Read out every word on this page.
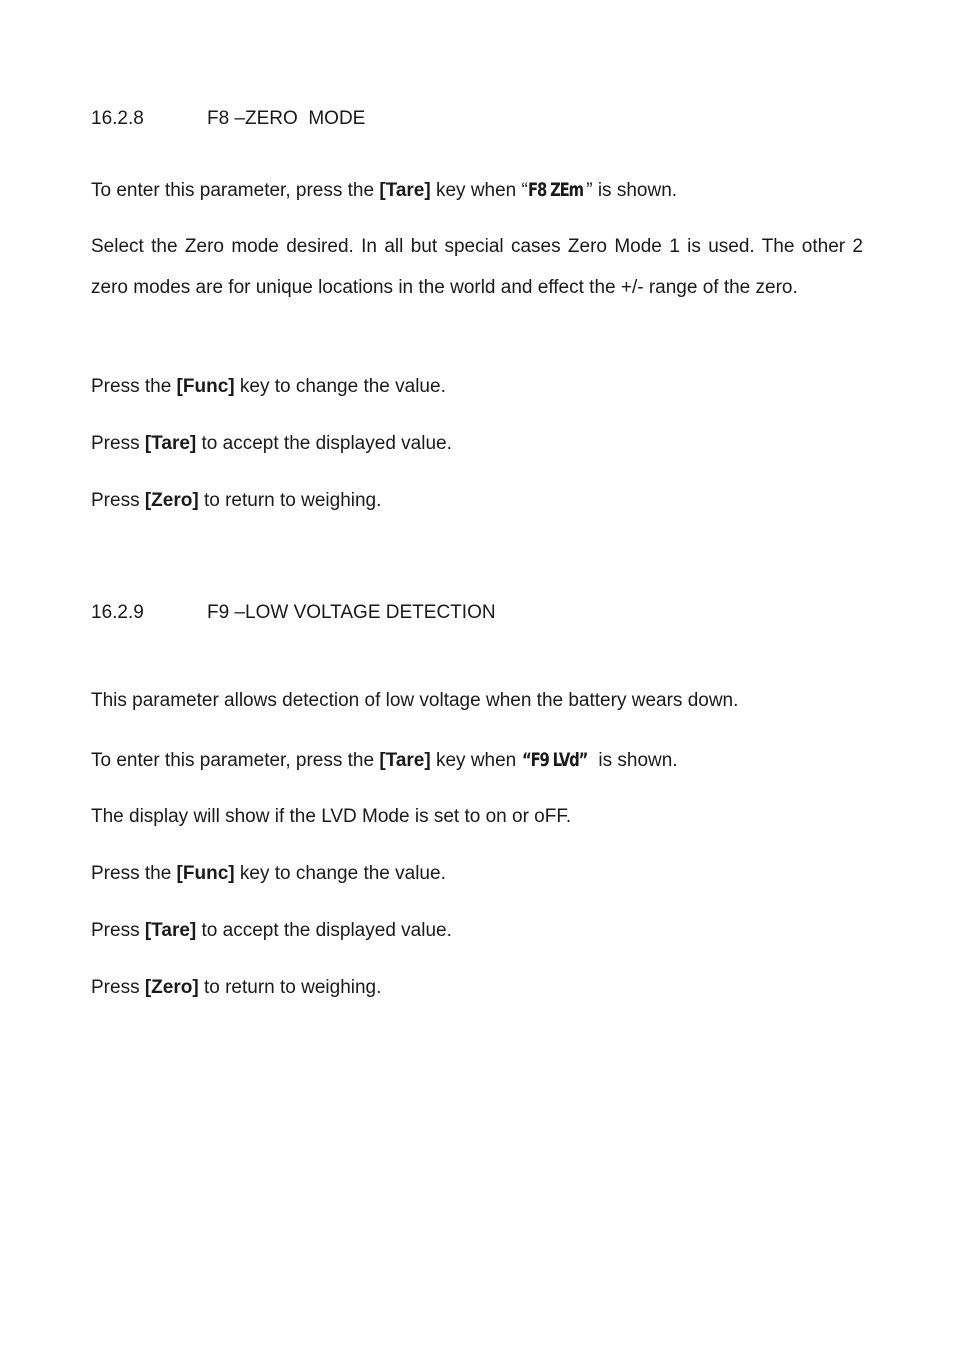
16.2.8	F8 –ZERO  MODE
To enter this parameter, press the [Tare] key when “F8 ZEm ” is shown.
Select the Zero mode desired. In all but special cases Zero Mode 1 is used. The other 2 zero modes are for unique locations in the world and effect the +/- range of the zero.
Press the [Func] key to change the value.
Press [Tare] to accept the displayed value.
Press [Zero] to return to weighing.
16.2.9	F9 –LOW VOLTAGE DETECTION
This parameter allows detection of low voltage when the battery wears down.
To enter this parameter, press the [Tare] key when “F9 LVd” is shown.
The display will show if the LVD Mode is set to on or oFF.
Press the [Func] key to change the value.
Press [Tare] to accept the displayed value.
Press [Zero] to return to weighing.
